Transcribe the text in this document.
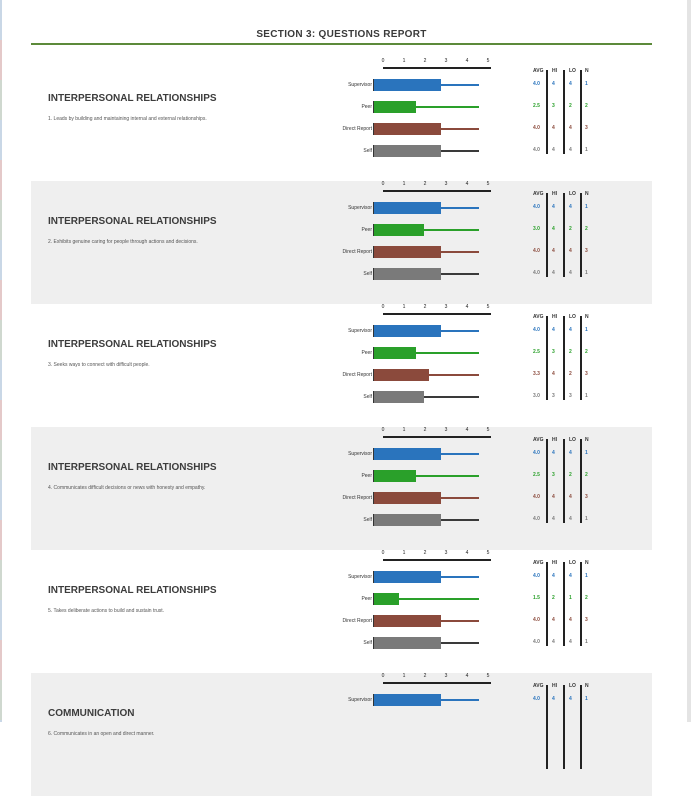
SECTION 3: QUESTIONS REPORT
INTERPERSONAL RELATIONSHIPS
1. Leads by building and maintaining internal and external relationships.
0	1	2	3	4	5
AVG HI LO N
Supervisor	4.0 4	4	1
Peer	2.5 3	2	2
Direct Report	4.0 4	4	3
Self	4.0 4	4	1
INTERPERSONAL RELATIONSHIPS
2. Exhibits genuine caring for people through actions and decisions.
0	1	2	3	4	5
AVG HI LO N
Supervisor	4.0 4	4	1
Peer	3.0 4	2	2
Direct Report	4.0 4	4	3
Self	4.0 4	4	1
INTERPERSONAL RELATIONSHIPS
3. Seeks ways to connect with difficult people.
0	1	2	3	4	5
AVG HI LO N
Supervisor	4.0 4	4	1
Peer	2.5 3	2	2
Direct Report	3.3 4	2	3
Self	3.0 3	3	1
INTERPERSONAL RELATIONSHIPS
4. Communicates difficult decisions or news with honesty and empathy.
0	1	2	3	4	5
AVG HI LO N
Supervisor	4.0 4	4	1
Peer	2.5 3	2	2
Direct Report	4.0 4	4	3
Self	4.0 4	4	1
INTERPERSONAL RELATIONSHIPS
5. Takes deliberate actions to build and sustain trust.
0	1	2	3	4	5
AVG HI LO N
Supervisor	4.0 4	4	1
Peer	1.5 2	1	2
Direct Report	4.0 4	4	3
Self	4.0 4	4	1
COMMUNICATION
6. Communicates in an open and direct manner.
0	1	2	3	4	5
AVG HI LO N
Supervisor	4.0 4	4	1
